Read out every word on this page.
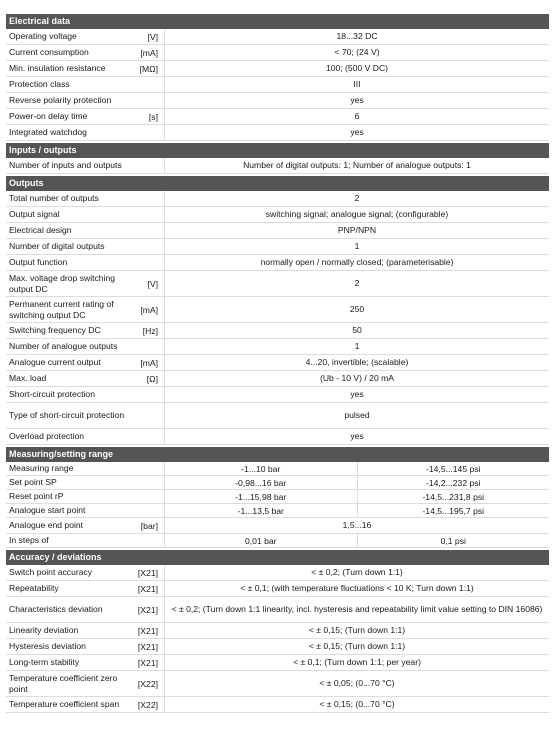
Electrical data
Operating voltage	[V]	18...32 DC
Current consumption	[mA]	< 70; (24 V)
Min. insulation resistance	[MΩ]	100; (500 V DC)
Protection class	III
Reverse polarity protection	yes
Power-on delay time	[s]	6
Integrated watchdog	yes
Inputs / outputs
Number of inputs and outputs	Number of digital outputs: 1; Number of analogue outputs: 1
Outputs
Total number of outputs	2
Output signal	switching signal; analogue signal; (configurable)
Electrical design	PNP/NPN
Number of digital outputs	1
Output function	normally open / normally closed; (parameterisable)
Max. voltage drop switching output DC	[V]	2
Permanent current rating of switching output DC	[mA]	250
Switching frequency DC	[Hz]	50
Number of analogue outputs	1
Analogue current output	[mA]	4...20, invertible; (scalable)
Max. load	[Ω]	(Ub - 10 V) / 20 mA
Short-circuit protection	yes
Type of short-circuit protection	pulsed
Overload protection	yes
Measuring/setting range
Measuring range	-1...10 bar	-14,5...145 psi
Set point SP	-0,98...16 bar	-14,2...232 psi
Reset point rP	-1...15,98 bar	-14,5...231,8 psi
Analogue start point	-1...13,5 bar	-14,5...195,7 psi
Analogue end point	[bar]	1,5...16
In steps of	0,01 bar	0,1 psi
Accuracy / deviations
Switch point accuracy	[X21]	< ± 0,2; (Turn down 1:1)
Repeatability	[X21]	< ± 0,1; (with temperature fluctuations < 10 K; Turn down 1:1)
Characteristics deviation	[X21]	< ± 0,2; (Turn down 1:1 linearity, incl. hysteresis and repeatability limit value setting to DIN 16086)
Linearity deviation	[X21]	< ± 0,15; (Turn down 1:1)
Hysteresis deviation	[X21]	< ± 0,15; (Turn down 1:1)
Long-term stability	[X21]	< ± 0,1; (Turn down 1:1; per year)
Temperature coefficient zero point	[X22]	< ± 0,05; (0...70 °C)
Temperature coefficient span	[X22]	< ± 0,15; (0...70 °C)
